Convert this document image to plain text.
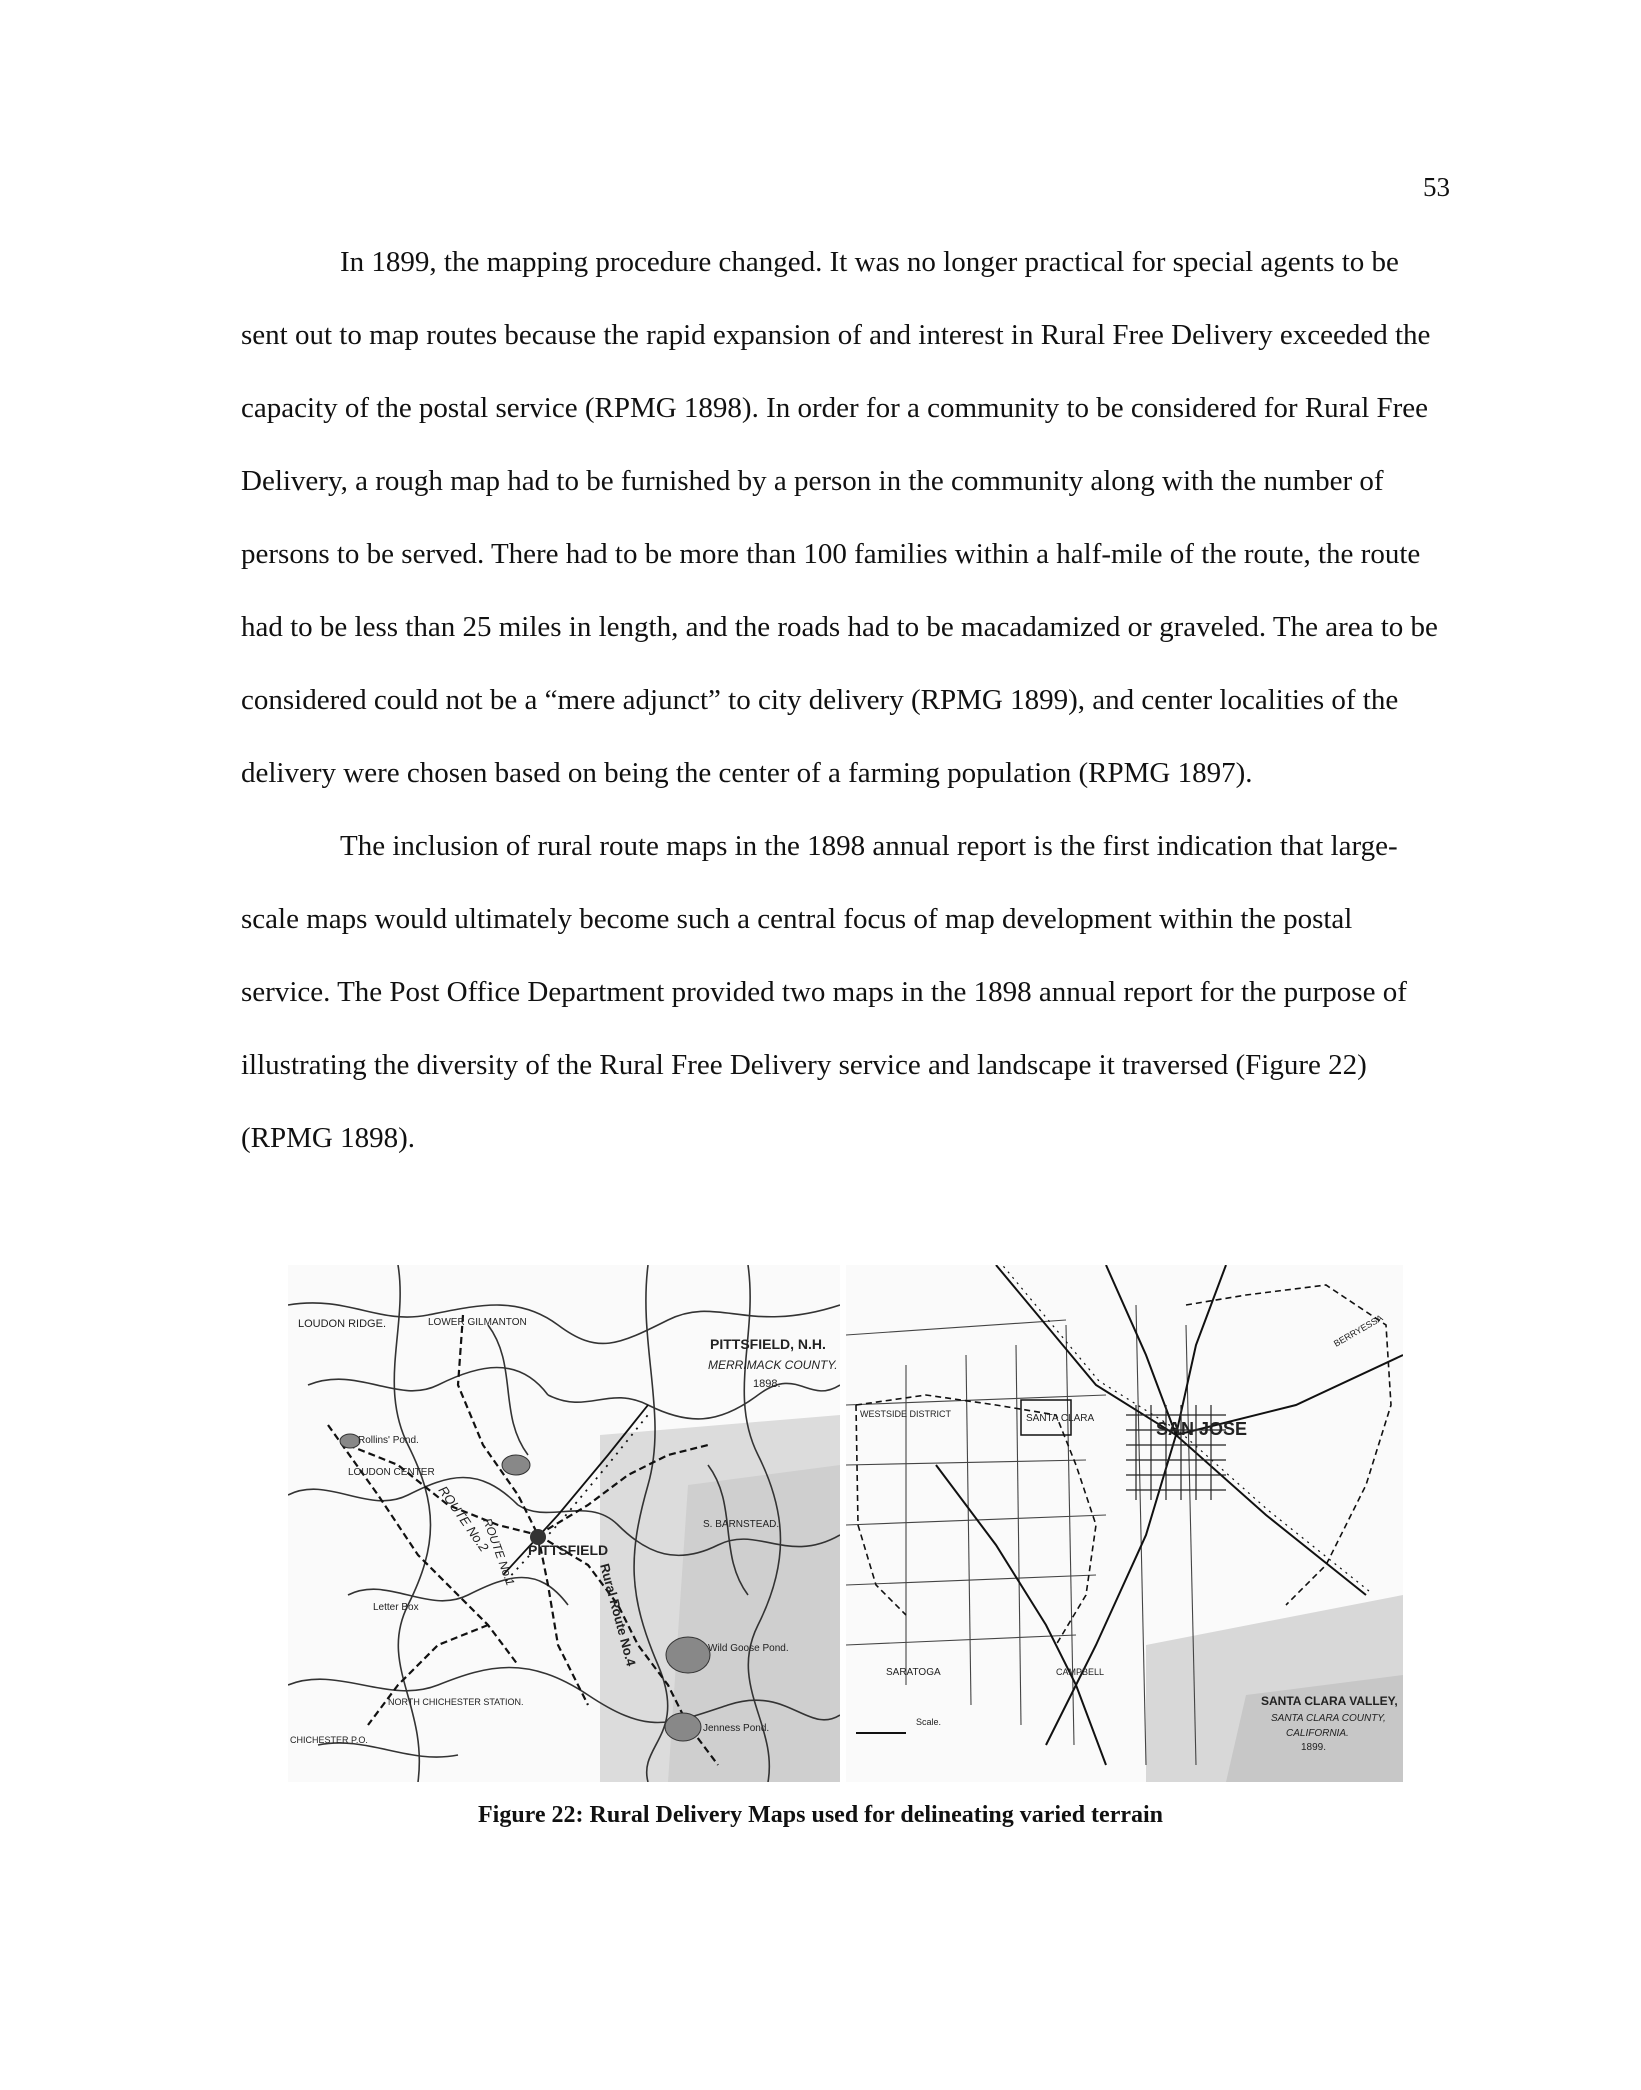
53

In 1899, the mapping procedure changed. It was no longer practical for special agents to be sent out to map routes because the rapid expansion of and interest in Rural Free Delivery exceeded the capacity of the postal service (RPMG 1898). In order for a community to be considered for Rural Free Delivery, a rough map had to be furnished by a person in the community along with the number of persons to be served. There had to be more than 100 families within a half-mile of the route, the route had to be less than 25 miles in length, and the roads had to be macadamized or graveled. The area to be considered could not be a “mere adjunct” to city delivery (RPMG 1899), and center localities of the delivery were chosen based on being the center of a farming population (RPMG 1897).

The inclusion of rural route maps in the 1898 annual report is the first indication that large-scale maps would ultimately become such a central focus of map development within the postal service. The Post Office Department provided two maps in the 1898 annual report for the purpose of illustrating the diversity of the Rural Free Delivery service and landscape it traversed (Figure 22) (RPMG 1898).

LOUDON RIDGE.	LOWER GILMANTON
Rollins' Pond.
LOUDON CENTER
ROUTE No.2	PITTSFIELD
S. BARNSTEAD.
ROUTE No.1
Rural Route No.4
Letter Box
Wild Goose Pond.
NORTH CHICHESTER STATION.
CHICHESTER P.O.
Jenness Pond.
PITTSFIELD, N.H.
MERRIMACK COUNTY.
1898.
SAN JOSE
SANTA CLARA
WESTSIDE DISTRICT
SARATOGA	CAMPBELL
BERRYESSA
Scale.
SANTA CLARA VALLEY,
SANTA CLARA COUNTY,
CALIFORNIA.
1899.
Figure 22: Rural Delivery Maps used for delineating varied terrain
